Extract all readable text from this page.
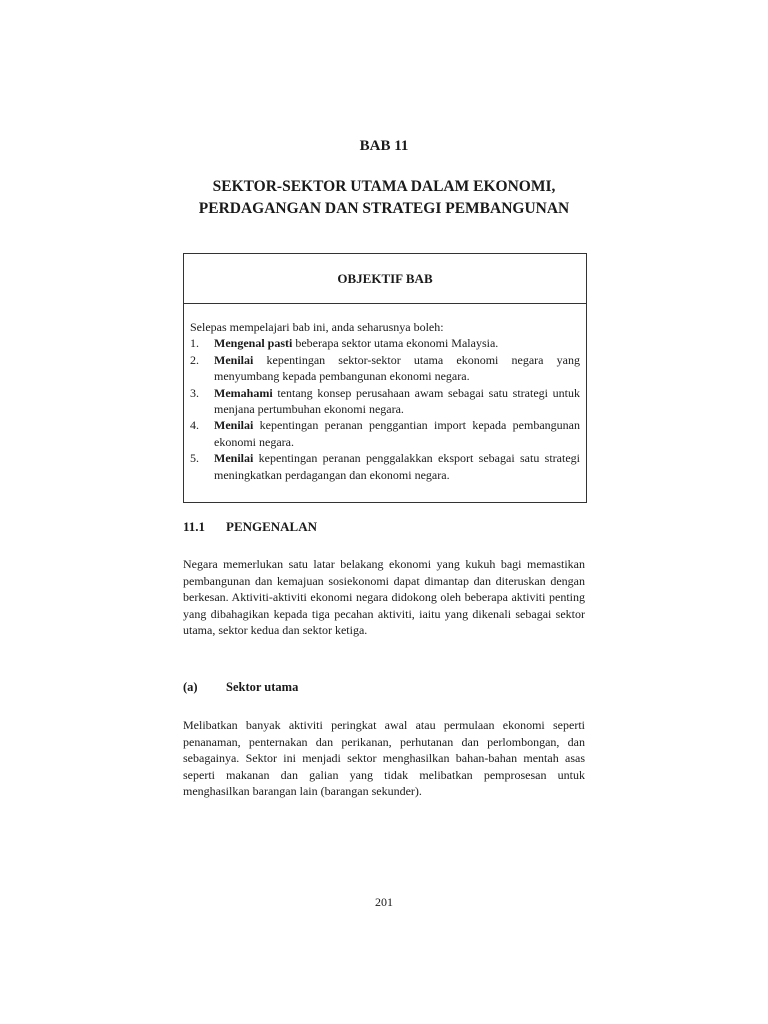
BAB 11
SEKTOR-SEKTOR UTAMA DALAM EKONOMI,
PERDAGANGAN DAN STRATEGI PEMBANGUNAN
OBJEKTIF BAB

Selepas mempelajari bab ini, anda seharusnya boleh:

1.	Mengenal pasti beberapa sektor utama ekonomi Malaysia.
2.	Menilai kepentingan sektor-sektor utama ekonomi negara yang menyumbang kepada pembangunan ekonomi negara.
3.	Memahami tentang konsep perusahaan awam sebagai satu strategi untuk menjana pertumbuhan ekonomi negara.
4.	Menilai kepentingan peranan penggantian import kepada pembangunan ekonomi negara.
5.	Menilai kepentingan peranan penggalakkan eksport sebagai satu strategi meningkatkan perdagangan dan ekonomi negara.
11.1 PENGENALAN

Negara memerlukan satu latar belakang ekonomi yang kukuh bagi memastikan pembangunan dan kemajuan sosiekonomi dapat dimantap dan diteruskan dengan berkesan. Aktiviti-aktiviti ekonomi negara didokong oleh beberapa aktiviti penting yang dibahagikan kepada tiga pecahan aktiviti, iaitu yang dikenali sebagai sektor utama, sektor kedua dan sektor ketiga.

(a) Sektor utama

Melibatkan banyak aktiviti peringkat awal atau permulaan ekonomi seperti penanaman, penternakan dan perikanan, perhutanan dan perlombongan, dan sebagainya. Sektor ini menjadi sektor menghasilkan bahan-bahan mentah asas seperti makanan dan galian yang tidak melibatkan pemprosesan untuk menghasilkan barangan lain (barangan sekunder).

201
